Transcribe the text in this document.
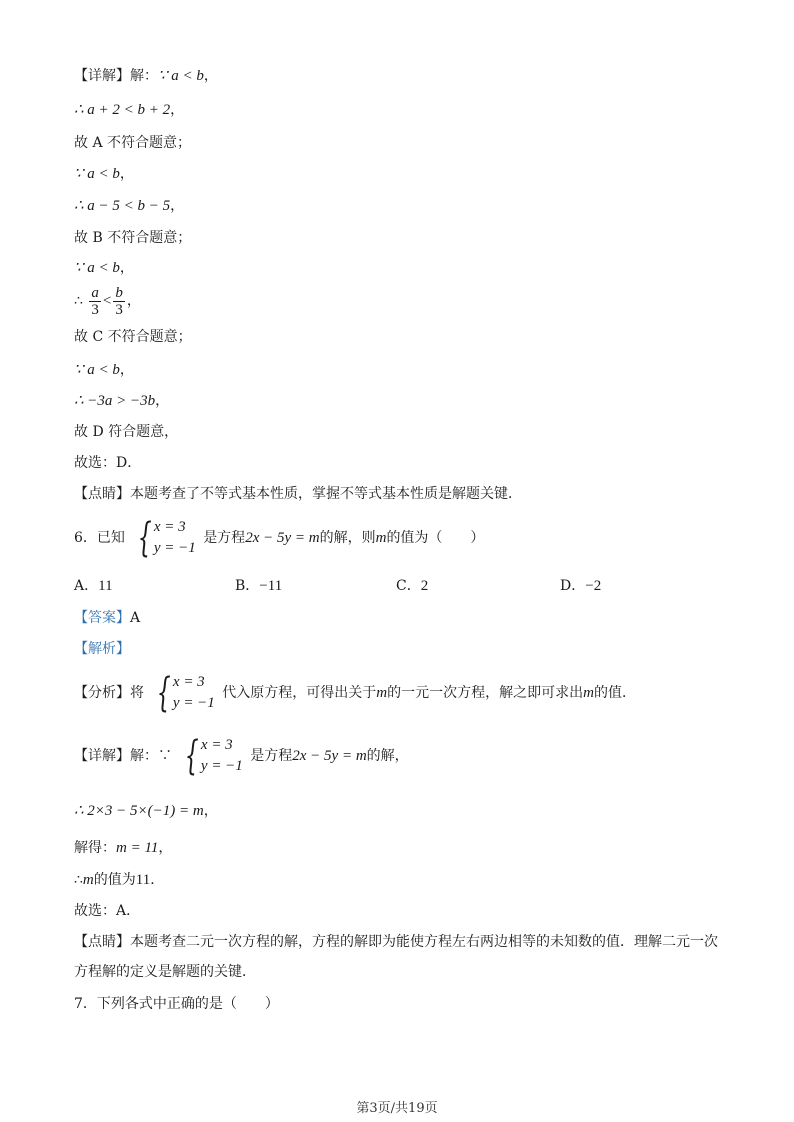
【详解】解：∵ a < b，
∴ a + 2 < b + 2，
故 A 不符合题意；
∵ a < b，
∴ a − 5 < b − 5，
故 B 不符合题意；
∵ a < b，
∴ $\frac{a}{3} < \frac{b}{3}$ ，
故 C 不符合题意；
∵ a < b，
∴ −3a > −3b，
故 D 符合题意，
故选：D．
【点睛】本题考查了不等式基本性质，掌握不等式基本性质是解题关键．
6．已知 { x = 3
y = −1
是方程2x − 5y = m的解，则m的值为（　　）
A．11	B．−11	C．2	D．−2
【答案】A
【解析】
【分析】将 { x = 3
y = −1
代入原方程，可得出关于m的一元一次方程，解之即可求出m的值．
【详解】解：∵ { x = 3
y = −1
是方程2x − 5y = m的解，
∴ 2×3 − 5×(−1) = m，
解得：m = 11，
∴m的值为11．
故选：A．
【点睛】本题考查二元一次方程的解，方程的解即为能使方程左右两边相等的未知数的值．理解二元一次
方程解的定义是解题的关键．
7．下列各式中正确的是（　　）
第3页/共19页
